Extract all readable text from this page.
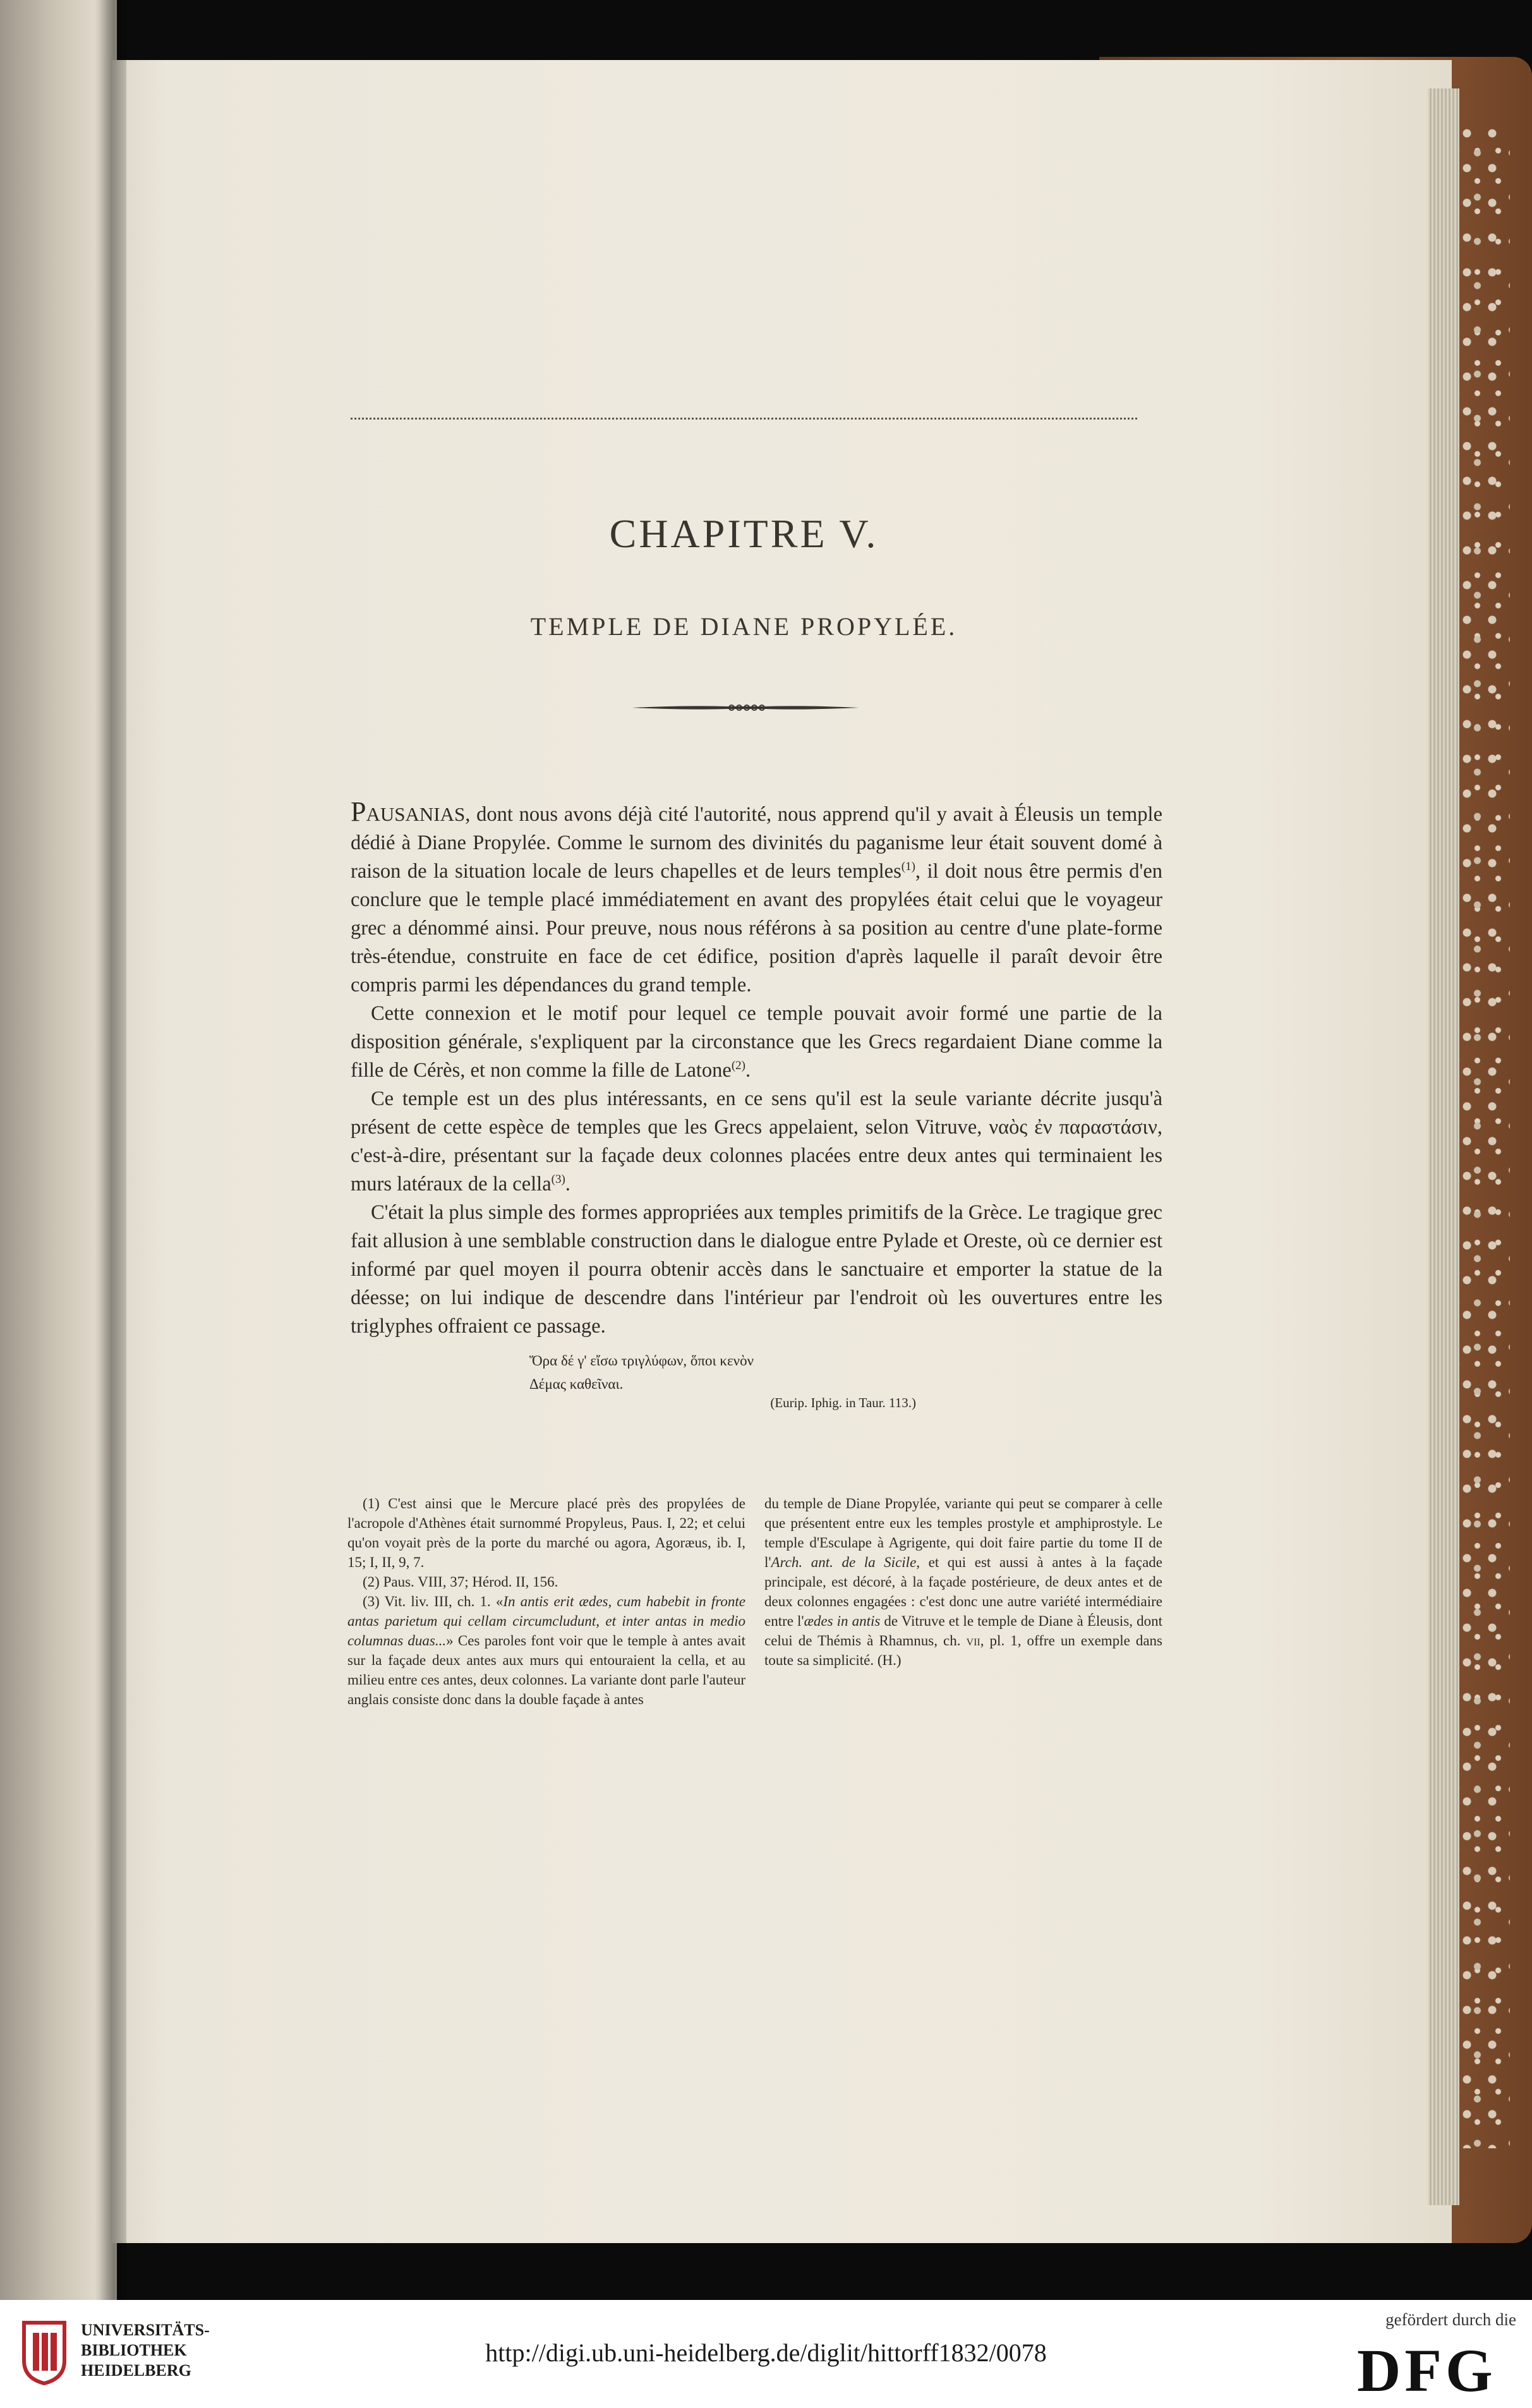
CHAPITRE V.
TEMPLE DE DIANE PROPYLÉE.

Pausanias, dont nous avons déjà cité l'autorité, nous apprend qu'il y avait à Éleusis un temple dédié à Diane Propylée. Comme le surnom des divinités du paganisme leur était souvent domé à raison de la situation locale de leurs chapelles et de leurs temples$^{(1)}$, il doit nous être permis d'en conclure que le temple placé immédiatement en avant des propylées était celui que le voyageur grec a dénommé ainsi. Pour preuve, nous nous référons à sa position au centre d'une plate-forme très-étendue, construite en face de cet édifice, position d'après laquelle il paraît devoir être compris parmi les dépendances du grand temple.

Cette connexion et le motif pour lequel ce temple pouvait avoir formé une partie de la disposition générale, s'expliquent par la circonstance que les Grecs regardaient Diane comme la fille de Cérès, et non comme la fille de Latone$^{(2)}$.

Ce temple est un des plus intéressants, en ce sens qu'il est la seule variante décrite jusqu'à présent de cette espèce de temples que les Grecs appelaient, selon Vitruve, ναὸς ἐν παραστάσιν, c'est-à-dire, présentant sur la façade deux colonnes placées entre deux antes qui terminaient les murs latéraux de la cella$^{(3)}$.

C'était la plus simple des formes appropriées aux temples primitifs de la Grèce. Le tragique grec fait allusion à une semblable construction dans le dialogue entre Pylade et Oreste, où ce dernier est informé par quel moyen il pourra obtenir accès dans le sanctuaire et emporter la statue de la déesse; on lui indique de descendre dans l'intérieur par l'endroit où les ouvertures entre les triglyphes offraient ce passage.

Ὅρα δέ γ' εἴσω τριγλύφων, ὅποι κενὸν
Δέμας καθεῖναι.
(Eurip. Iphig. in Taur. 113.)

(1) C'est ainsi que le Mercure placé près des propylées de l'acropole d'Athènes était surnommé Propyleus, Paus. I, 22; et celui qu'on voyait près de la porte du marché ou agora, Agoræus, ib. I, 15; I, II, 9, 7.

(2) Paus. VIII, 37; Hérod. II, 156.

(3) Vit. liv. III, ch. 1. «In antis erit ædes, cum habebit in fronte antas parietum qui cellam circumcludunt, et inter antas in medio columnas duas...» Ces paroles font voir que le temple à antes avait sur la façade deux antes aux murs qui entouraient la cella, et au milieu entre ces antes, deux colonnes. La variante dont parle l'auteur anglais consiste donc dans la double façade à antes

du temple de Diane Propylée, variante qui peut se comparer à celle que présentent entre eux les temples prostyle et amphiprostyle. Le temple d'Esculape à Agrigente, qui doit faire partie du tome II de l'Arch. ant. de la Sicile, et qui est aussi à antes à la façade principale, est décoré, à la façade postérieure, de deux antes et de deux colonnes engagées : c'est donc une autre variété intermédiaire entre l'ædes in antis de Vitruve et le temple de Diane à Éleusis, dont celui de Thémis à Rhamnus, ch. vii, pl. 1, offre un exemple dans toute sa simplicité. (H.)

UNIVERSITÄTS-
BIBLIOTHEK
HEIDELBERG
http://digi.ub.uni-heidelberg.de/diglit/hittorff1832/0078
gefördert durch die
DFG
